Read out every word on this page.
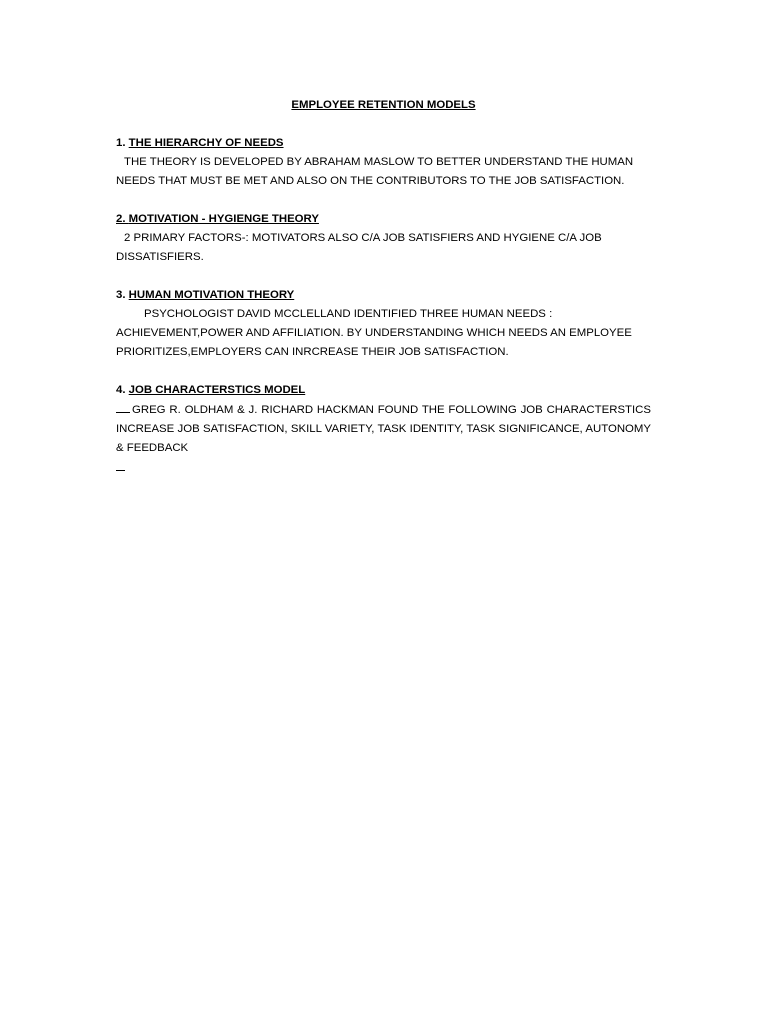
EMPLOYEE RETENTION MODELS

1. THE HIERARCHY OF NEEDS

THE THEORY IS DEVELOPED BY ABRAHAM MASLOW TO BETTER UNDERSTAND THE HUMAN NEEDS THAT MUST BE MET AND ALSO ON THE CONTRIBUTORS TO THE JOB SATISFACTION.

2. MOTIVATION - HYGIENGE THEORY

2 PRIMARY FACTORS-: MOTIVATORS ALSO C/A JOB SATISFIERS AND HYGIENE C/A JOB DISSATISFIERS.

3. HUMAN MOTIVATION THEORY

PSYCHOLOGIST DAVID MCCLELLAND IDENTIFIED THREE HUMAN NEEDS : ACHIEVEMENT,POWER AND AFFILIATION. BY UNDERSTANDING WHICH NEEDS AN EMPLOYEE PRIORITIZES,EMPLOYERS CAN INRCREASE THEIR JOB SATISFACTION.

4. JOB CHARACTERSTICS MODEL

GREG R. OLDHAM & J. RICHARD HACKMAN FOUND THE FOLLOWING JOB CHARACTERSTICS INCREASE JOB SATISFACTION, SKILL VARIETY, TASK IDENTITY, TASK SIGNIFICANCE, AUTONOMY & FEEDBACK
